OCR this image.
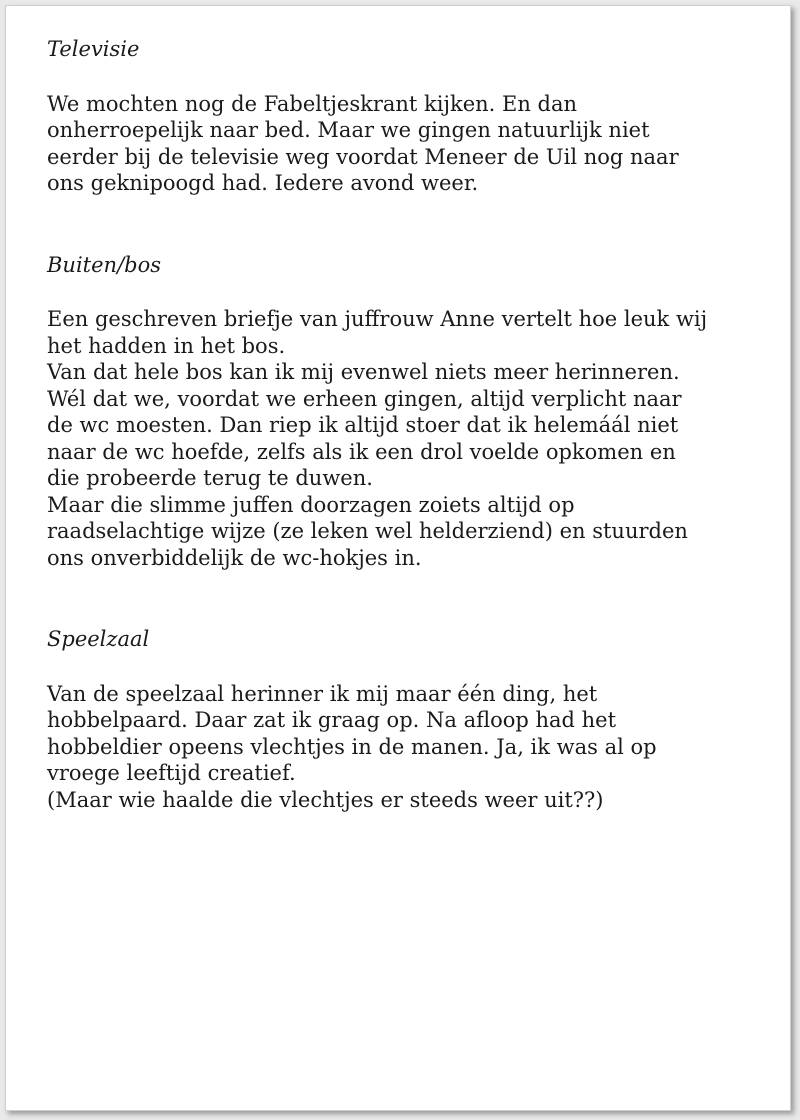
Televisie

We mochten nog de Fabeltjeskrant kijken. En dan
onherroepelijk naar bed. Maar we gingen natuurlijk niet
eerder bij de televisie weg voordat Meneer de Uil nog naar
ons geknipoogd had. Iedere avond weer.

Buiten/bos

Een geschreven briefje van juffrouw Anne vertelt hoe leuk wij
het hadden in het bos.
Van dat hele bos kan ik mij evenwel niets meer herinneren.
Wél dat we, voordat we erheen gingen, altijd verplicht naar
de wc moesten. Dan riep ik altijd stoer dat ik helemáál niet
naar de wc hoefde, zelfs als ik een drol voelde opkomen en
die probeerde terug te duwen.
Maar die slimme juffen doorzagen zoiets altijd op
raadselachtige wijze (ze leken wel helderziend) en stuurden
ons onverbiddelijk de wc-hokjes in.

Speelzaal

Van de speelzaal herinner ik mij maar één ding, het
hobbelpaard. Daar zat ik graag op. Na afloop had het
hobbeldier opeens vlechtjes in de manen. Ja, ik was al op
vroege leeftijd creatief.
(Maar wie haalde die vlechtjes er steeds weer uit??)
